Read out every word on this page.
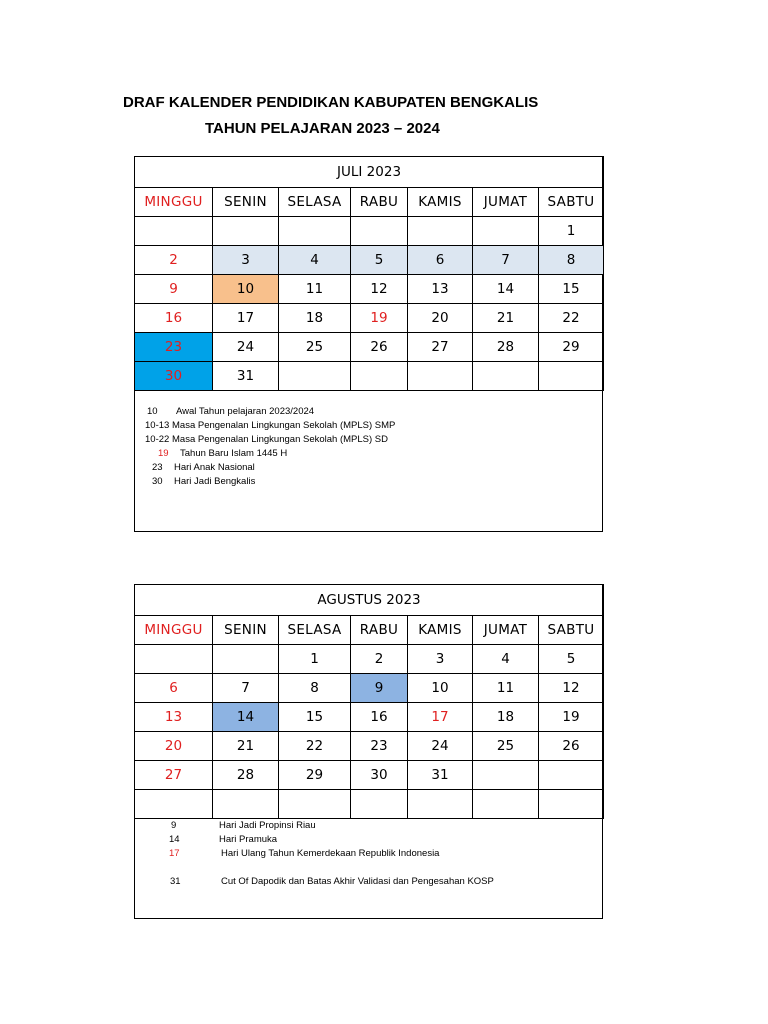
DRAF KALENDER PENDIDIKAN KABUPATEN BENGKALIS
TAHUN PELAJARAN 2023 – 2024
JULI 2023						
MINGGU	SENIN	SELASA	RABU	KAMIS	JUMAT	SABTU
						1
2	3	4	5	6	7	8
9	10	11	12	13	14	15
16	17	18	19	20	21	22
23	24	25	26	27	28	29
30	31					
10 Awal Tahun pelajaran 2023/2024
10-13 Masa Pengenalan Lingkungan Sekolah (MPLS) SMP
10-22 Masa Pengenalan Lingkungan Sekolah (MPLS) SD
19 Tahun Baru Islam 1445 H
23 Hari Anak Nasional
30 Hari Jadi Bengkalis
AGUSTUS 2023						
MINGGU	SENIN	SELASA	RABU	KAMIS	JUMAT	SABTU
		1	2	3	4	5
6	7	8	9	10	11	12
13	14	15	16	17	18	19
20	21	22	23	24	25	26
27	28	29	30	31		

9	Hari Jadi Propinsi Riau
14	Hari Pramuka
17	Hari Ulang Tahun Kemerdekaan Republik Indonesia
31	Cut Of Dapodik dan Batas Akhir Validasi dan Pengesahan KOSP
